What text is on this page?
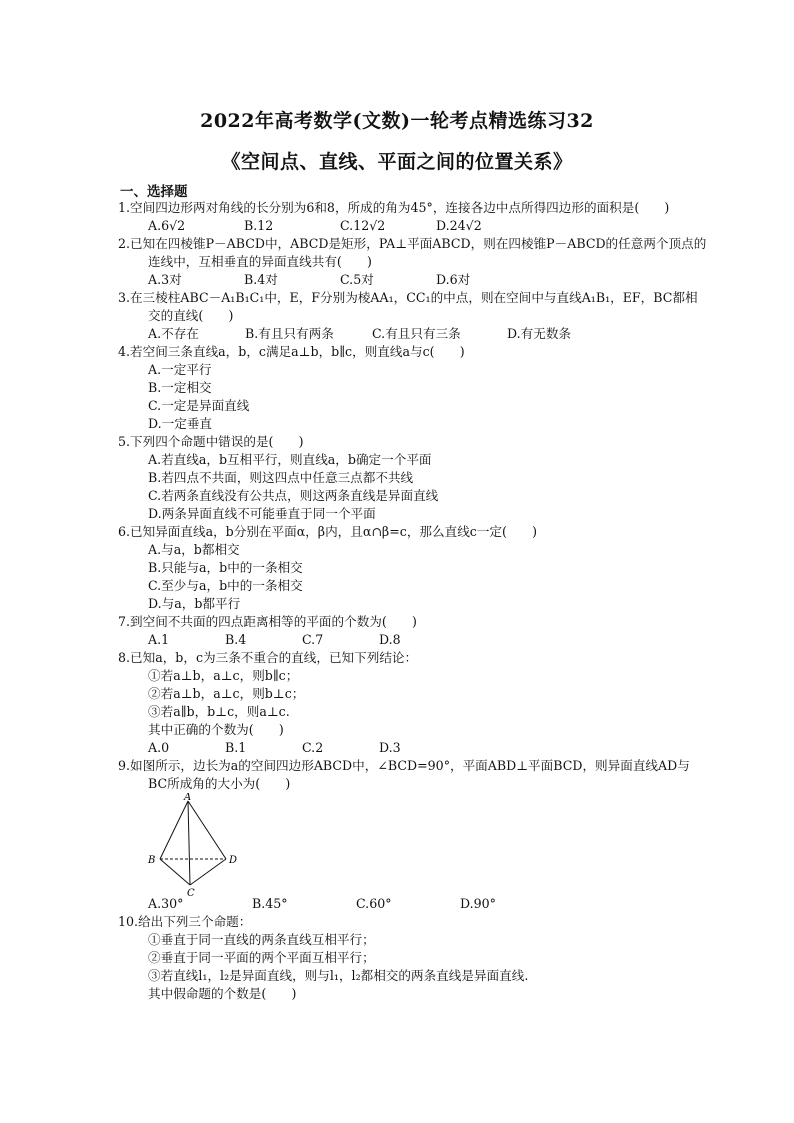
2022年高考数学(文数)一轮考点精选练习32
《空间点、直线、平面之间的位置关系》
一、选择题
1.空间四边形两对角线的长分别为6和8，所成的角为45°，连接各边中点所得四边形的面积是(　　)
A.6√2	B.12	C.12√2	D.24√2
2.已知在四棱锥P－ABCD中，ABCD是矩形，PA⊥平面ABCD，则在四棱锥P－ABCD的任意两个顶点的连线中，互相垂直的异面直线共有(　　)
A.3对	B.4对	C.5对	D.6对
3.在三棱柱ABC－A₁B₁C₁中，E，F分别为棱AA₁，CC₁的中点，则在空间中与直线A₁B₁，EF，BC都相交的直线(　　)
A.不存在	B.有且只有两条	C.有且只有三条	D.有无数条
4.若空间三条直线a，b，c满足a⊥b，b∥c，则直线a与c(　　)
A.一定平行
B.一定相交
C.一定是异面直线
D.一定垂直
5.下列四个命题中错误的是(　　)
A.若直线a，b互相平行，则直线a，b确定一个平面
B.若四点不共面，则这四点中任意三点都不共线
C.若两条直线没有公共点，则这两条直线是异面直线
D.两条异面直线不可能垂直于同一个平面
6.已知异面直线a，b分别在平面α，β内，且α∩β=c，那么直线c一定(　　)
A.与a，b都相交
B.只能与a，b中的一条相交
C.至少与a，b中的一条相交
D.与a，b都平行
7.到空间不共面的四点距离相等的平面的个数为(　　)
A.1	B.4	C.7	D.8
8.已知a，b，c为三条不重合的直线，已知下列结论：
①若a⊥b，a⊥c，则b∥c；
②若a⊥b，a⊥c，则b⊥c；
③若a∥b，b⊥c，则a⊥c.
其中正确的个数为(　　)
A.0	B.1	C.2	D.3
9.如图所示，边长为a的空间四边形ABCD中，∠BCD=90°，平面ABD⊥平面BCD，则异面直线AD与BC所成角的大小为(　　)
A
B	D
C
A.30°	B.45°	C.60°	D.90°
10.给出下列三个命题：
①垂直于同一直线的两条直线互相平行；
②垂直于同一平面的两个平面互相平行；
③若直线l₁，l₂是异面直线，则与l₁，l₂都相交的两条直线是异面直线.
其中假命题的个数是(　　)
